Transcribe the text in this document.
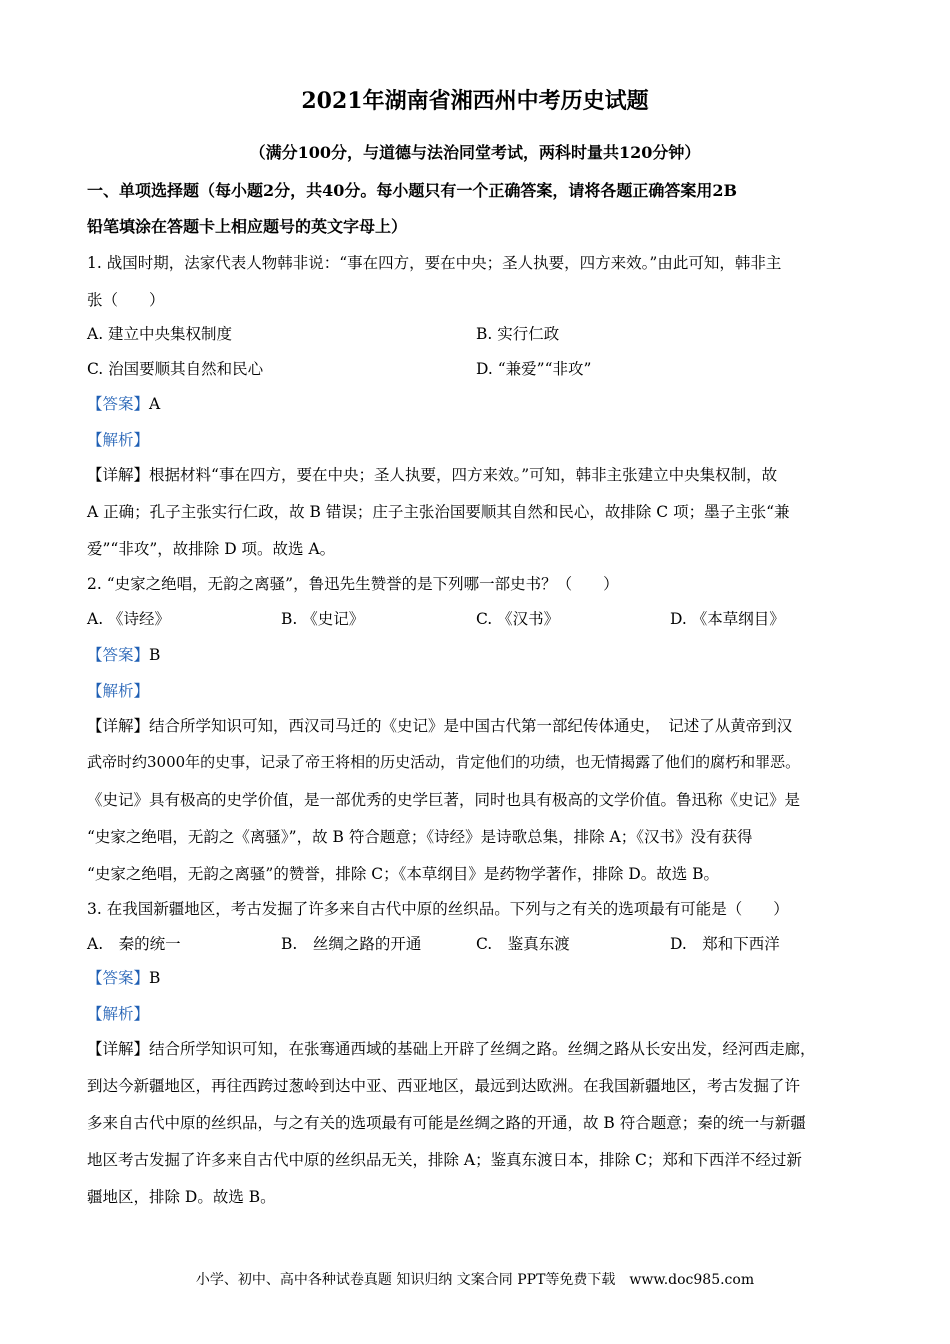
2021年湖南省湘西州中考历史试题
（满分100分，与道德与法治同堂考试，两科时量共120分钟）
一、单项选择题（每小题2分，共40分。每小题只有一个正确答案，请将各题正确答案用2B
铅笔填涂在答题卡上相应题号的英文字母上）
1. 战国时期，法家代表人物韩非说：“事在四方，要在中央；圣人执要，四方来效。”由此可知，韩非主
张（　　）
A. 建立中央集权制度	B. 实行仁政
C. 治国要顺其自然和民心	D. “兼爱”“非攻”
【答案】A
【解析】
【详解】根据材料“事在四方，要在中央；圣人执要，四方来效。”可知，韩非主张建立中央集权制，故
A 正确；孔子主张实行仁政，故 B 错误；庄子主张治国要顺其自然和民心，故排除 C 项；墨子主张“兼
爱”“非攻”，故排除 D 项。故选 A。
2. “史家之绝唱，无韵之离骚”，鲁迅先生赞誉的是下列哪一部史书？（　　）
A. 《诗经》	B. 《史记》	C. 《汉书》	D. 《本草纲目》
【答案】B
【解析】
【详解】结合所学知识可知，西汉司马迁的《史记》是中国古代第一部纪传体通史，　记述了从黄帝到汉
武帝时约3000年的史事，记录了帝王将相的历史活动，肯定他们的功绩，也无情揭露了他们的腐朽和罪恶。
《史记》具有极高的史学价值，是一部优秀的史学巨著，同时也具有极高的文学价值。鲁迅称《史记》是
“史家之绝唱，无韵之《离骚》”，故 B 符合题意；《诗经》是诗歌总集，排除 A；《汉书》没有获得
“史家之绝唱，无韵之离骚”的赞誉，排除 C；《本草纲目》是药物学著作，排除 D。故选 B。
3. 在我国新疆地区，考古发掘了许多来自古代中原的丝织品。下列与之有关的选项最有可能是（　　）
A.　秦的统一	B.　丝绸之路的开通	C.　鉴真东渡	D.　郑和下西洋
【答案】B
【解析】
【详解】结合所学知识可知，在张骞通西域的基础上开辟了丝绸之路。丝绸之路从长安出发，经河西走廊，
到达今新疆地区，再往西跨过葱岭到达中亚、西亚地区，最远到达欧洲。在我国新疆地区，考古发掘了许
多来自古代中原的丝织品，与之有关的选项最有可能是丝绸之路的开通，故 B 符合题意；秦的统一与新疆
地区考古发掘了许多来自古代中原的丝织品无关，排除 A；鉴真东渡日本，排除 C；郑和下西洋不经过新
疆地区，排除 D。故选 B。
小学、初中、高中各种试卷真题 知识归纳 文案合同 PPT等免费下载　www.doc985.com
